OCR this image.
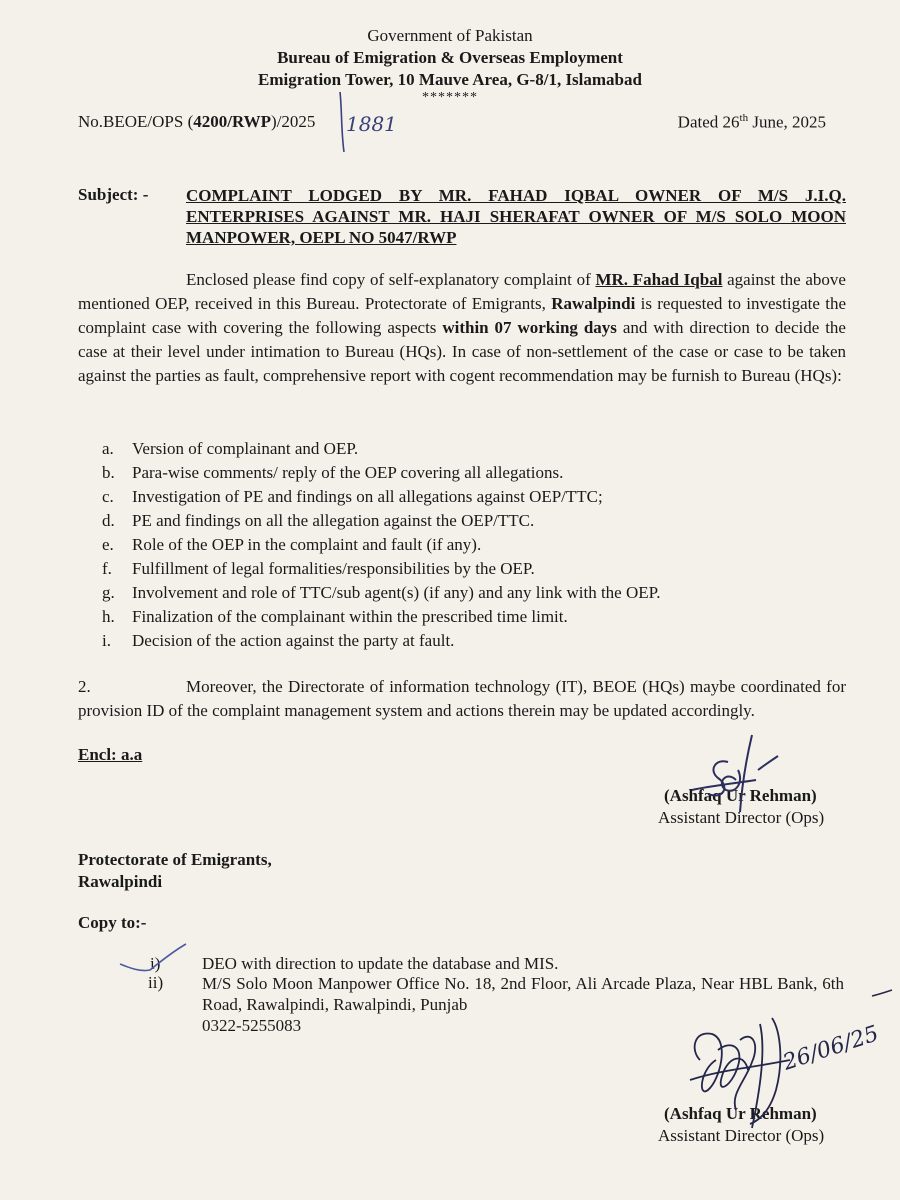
Government of Pakistan
Bureau of Emigration & Overseas Employment
Emigration Tower, 10 Mauve Area, G-8/1, Islamabad
*******
No.BEOE/OPS (4200/RWP)/2025 1881	Dated 26th June, 2025
Subject: - COMPLAINT LODGED BY MR. FAHAD IQBAL OWNER OF M/S J.I.Q. ENTERPRISES AGAINST MR. HAJI SHERAFAT OWNER OF M/S SOLO MOON MANPOWER, OEPL NO 5047/RWP
Enclosed please find copy of self-explanatory complaint of MR. Fahad Iqbal against the above mentioned OEP, received in this Bureau. Protectorate of Emigrants, Rawalpindi is requested to investigate the complaint case with covering the following aspects within 07 working days and with direction to decide the case at their level under intimation to Bureau (HQs). In case of non-settlement of the case or case to be taken against the parties as fault, comprehensive report with cogent recommendation may be furnish to Bureau (HQs):
a.	Version of complainant and OEP.
b.	Para-wise comments/ reply of the OEP covering all allegations.
c.	Investigation of PE and findings on all allegations against OEP/TTC;
d.	PE and findings on all the allegation against the OEP/TTC.
e.	Role of the OEP in the complaint and fault (if any).
f.	Fulfillment of legal formalities/responsibilities by the OEP.
g.	Involvement and role of TTC/sub agent(s) (if any) and any link with the OEP.
h.	Finalization of the complainant within the prescribed time limit.
i.	Decision of the action against the party at fault.
2.	Moreover, the Directorate of information technology (IT), BEOE (HQs) maybe coordinated for provision ID of the complaint management system and actions therein may be updated accordingly.
Encl: a.a
(Ashfaq Ur Rehman)
Assistant Director (Ops)
Protectorate of Emigrants,
Rawalpindi
Copy to:-
i) DEO with direction to update the database and MIS.
ii) M/S Solo Moon Manpower Office No. 18, 2nd Floor, Ali Arcade Plaza, Near HBL Bank, 6th Road, Rawalpindi, Rawalpindi, Punjab
0322-5255083
(Ashfaq Ur Rehman)
Assistant Director (Ops)
26/06/25
